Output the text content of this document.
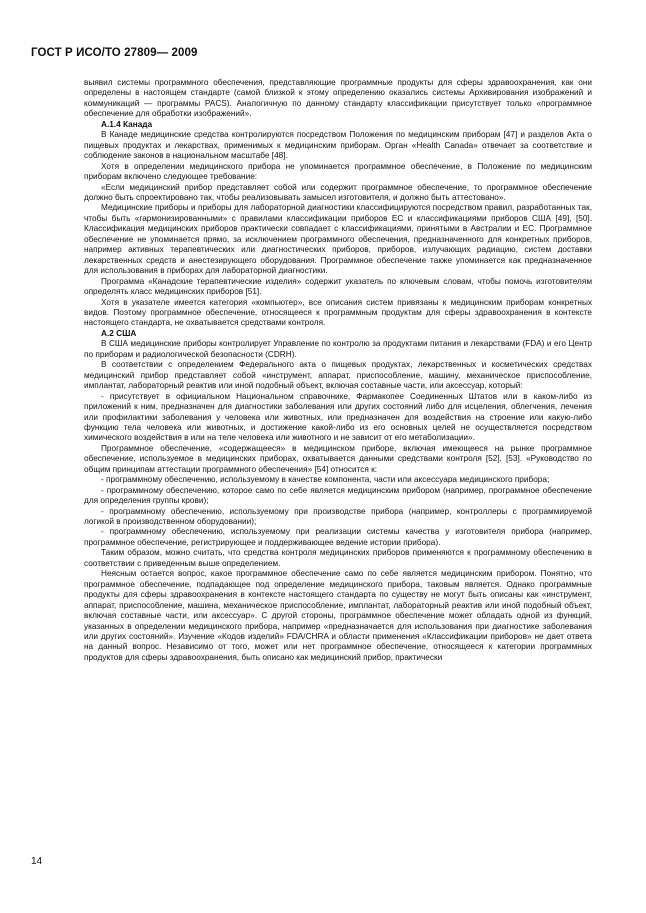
ГОСТ Р ИСО/ТО 27809— 2009

выявил системы программного обеспечения, представляющие программные продукты для сферы здравоохранения, как они определены в настоящем стандарте (самой близкой к этому определению оказались системы Архивирования изображений и коммуникаций — программы PACS). Аналогичную по данному стандарту классификации присутствует только «программное обеспечение для обработки изображений».

А.1.4 Канада

В Канаде медицинские средства контролируются посредством Положения по медицинским приборам [47] и разделов Акта о пищевых продуктах и лекарствах, применимых к медицинским приборам. Орган «Health Canada» отвечает за соответствие и соблюдение законов в национальном масштабе [48].

Хотя в определении медицинского прибора не упоминается программное обеспечение, в Положение по медицинским приборам включено следующее требование:

«Если медицинский прибор представляет собой или содержит программное обеспечение, то программное обеспечение должно быть спроектировано так, чтобы реализовывать замысел изготовителя, и должно быть аттестовано».

Медицинские приборы и приборы для лабораторной диагностики классифицируются посредством правил, разработанных так, чтобы быть «гармонизированными» с правилами классификации приборов ЕС и классификациями приборов США [49], [50]. Классификация медицинских приборов практически совпадает с классификациями, принятыми в Австралии и ЕС. Программное обеспечение не упоминается прямо, за исключением программного обеспечения, предназначенного для конкретных приборов, например активных терапевтических или диагностических приборов, приборов, излучающих радиацию, систем доставки лекарственных средств и анестезирующего оборудования. Программное обеспечение также упоминается как предназначенное для использования в приборах для лабораторной диагностики.

Программа «Канадские терапевтические изделия» содержит указатель по ключевым словам, чтобы помочь изготовителям определять класс медицинских приборов [51].

Хотя в указателе имеется категория «компьютер», все описания систем привязаны к медицинским приборам конкретных видов. Поэтому программное обеспечение, относящееся к программным продуктам для сферы здравоохранения в контексте настоящего стандарта, не охватывается средствами контроля.

А.2 США

В США медицинские приборы контролирует Управление по контролю за продуктами питания и лекарствами (FDA) и его Центр по приборам и радиологической безопасности (CDRH).

В соответствии с определением Федерального акта о пищевых продуктах, лекарственных и косметических средствах медицинский прибор представляет собой «инструмент, аппарат, приспособление, машину, механическое приспособление, имплантат, лабораторный реактив или иной подобный объект, включая составные части, или аксессуар, который:

- присутствует в официальном Национальном справочнике, Фармакопее Соединенных Штатов или в каком-либо из приложений к ним, предназначен для диагностики заболевания или других состояний либо для исцеления, облегчения, лечения или профилактики заболевания у человека или животных, или предназначен для воздействия на строение или какую-либо функцию тела человека или животных, и достижение какой-либо из его основных целей не осуществляется посредством химического воздействия в или на теле человека или животного и не зависит от его метаболизации».

Программное обеспечение, «содержащееся» в медицинском приборе, включая имеющееся на рынке программное обеспечение, используемое в медицинских приборах, охватывается данными средствами контроля [52], [53]. «Руководство по общим принципам аттестации программного обеспечения» [54] относится к:

- программному обеспечению, используемому в качестве компонента, части или аксессуара медицинского прибора;

- программному обеспечению, которое само по себе является медицинским прибором (например, программное обеспечение для определения группы крови);

- программному обеспечению, используемому при производстве прибора (например, контроллеры с программируемой логикой в производственном оборудовании);

- программному обеспечению, используемому при реализации системы качества у изготовителя прибора (например, программное обеспечение, регистрирующее и поддерживающее ведение истории прибора).

Таким образом, можно считать, что средства контроля медицинских приборов применяются к программному обеспечению в соответствии с приведенным выше определением.

Неясным остается вопрос, какое программное обеспечение само по себе является медицинским прибором. Понятно, что программное обеспечение, подпадающее под определение медицинского прибора, таковым является. Однако программные продукты для сферы здравоохранения в контексте настоящего стандарта по существу не могут быть описаны как «инструмент, аппарат, приспособление, машина, механическое приспособление, имплантат, лабораторный реактив или иной подобный объект, включая составные части, или аксессуар». С другой стороны, программное обеспечение может обладать одной из функций, указанных в определении медицинского прибора, например «предназначается для использования при диагностике заболевания или других состояний». Изучение «Кодов изделий» FDA/CHRA и области применения «Классификации приборов» не дает ответа на данный вопрос. Независимо от того, может или нет программное обеспечение, относящееся к категории программных продуктов для сферы здравоохранения, быть описано как медицинский прибор, практически

14
